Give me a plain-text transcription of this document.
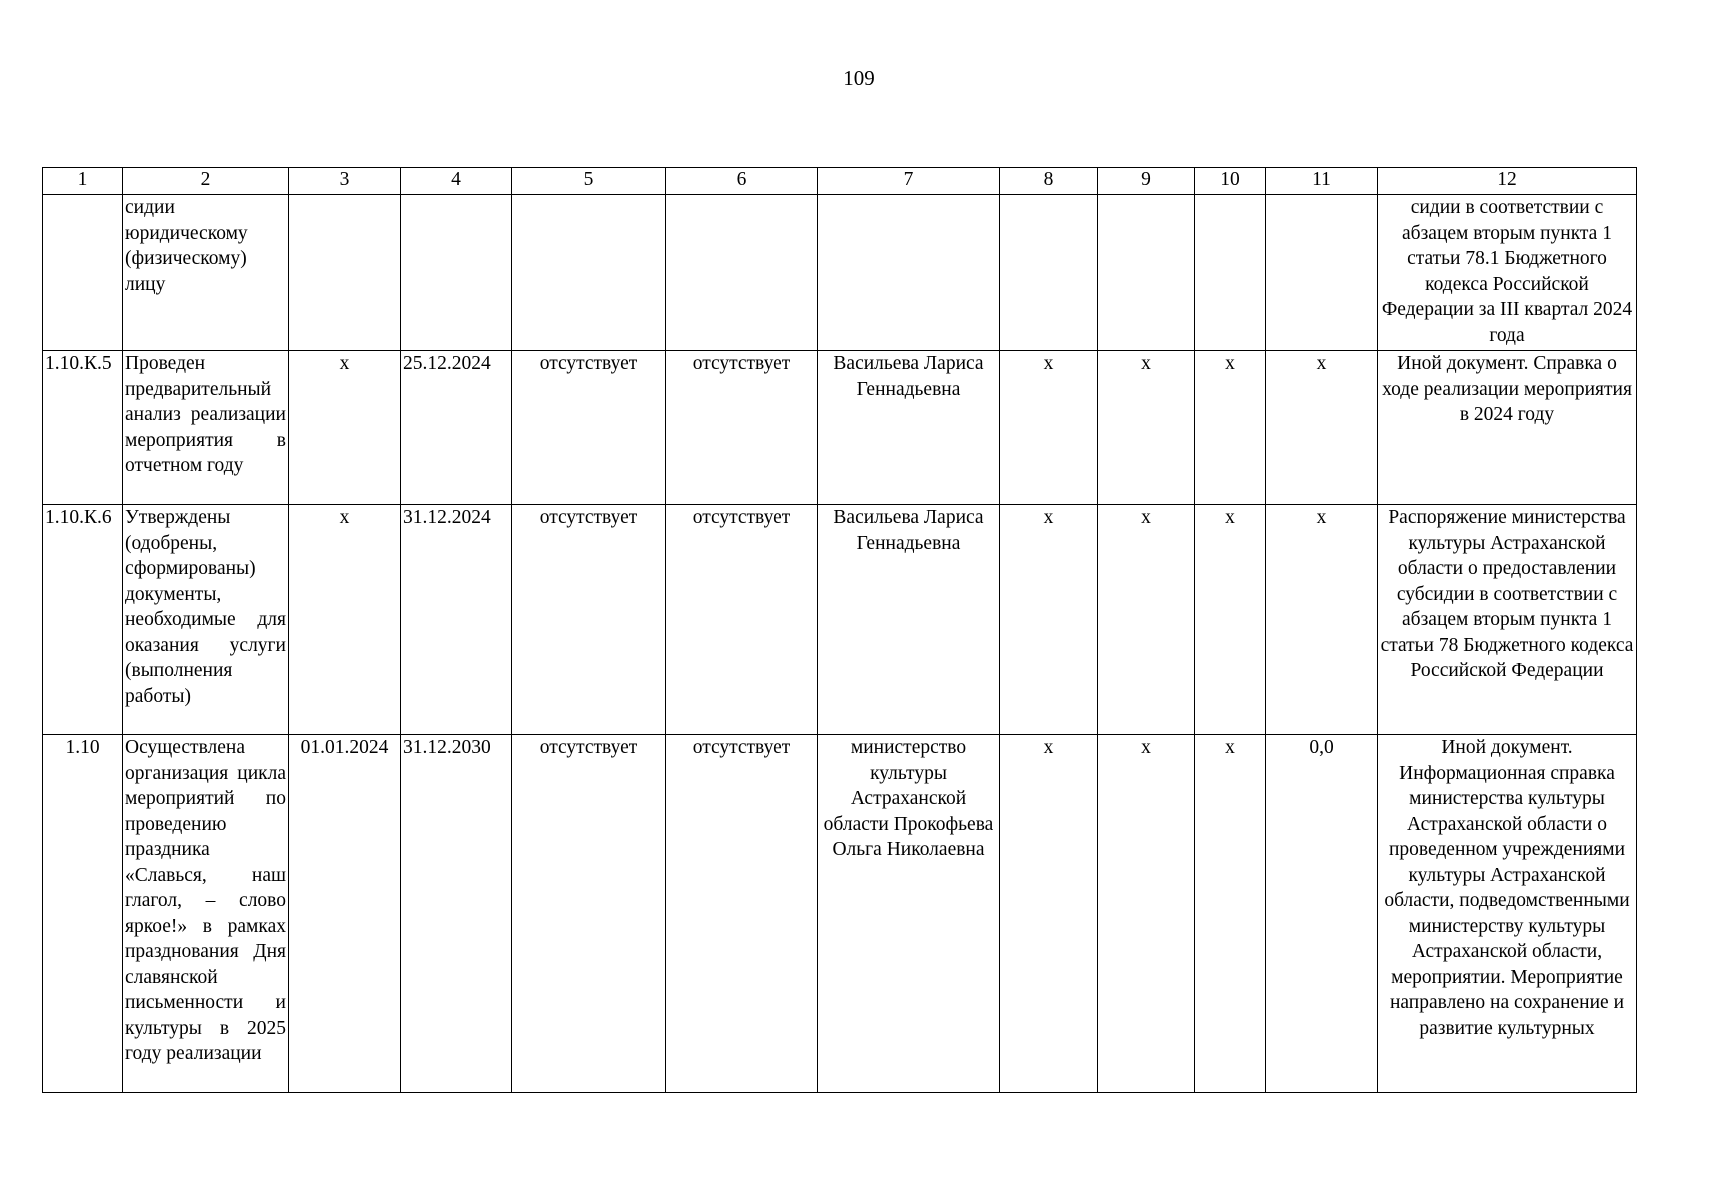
109
1	2	3	4	5	6	7	8	9	10	11	12
	сидии юридическому (физическому) лицу										сидии в соответствии с абзацем вторым пункта 1 статьи 78.1 Бюджетного кодекса Российской Федерации за III квартал 2024 года
1.10.К.5	Проведен предварительный анализ реализации мероприятия в отчетном году	х	25.12.2024	отсутствует	отсутствует	Васильева Лариса Геннадьевна	х	х	х	х	Иной документ. Справка о ходе реализации мероприятия в 2024 году
1.10.К.6	Утверждены (одобрены, сформированы) документы, необходимые для оказания услуги (выполнения работы)	х	31.12.2024	отсутствует	отсутствует	Васильева Лариса Геннадьевна	х	х	х	х	Распоряжение министерства культуры Астраханской области о предоставлении субсидии в соответствии с абзацем вторым пункта 1 статьи 78 Бюджетного кодекса Российской Федерации
1.10	Осуществлена организация цикла мероприятий по проведению праздника «Славься, наш глагол, – слово яркое!» в рамках празднования Дня славянской письменности и культуры в 2025 году реализации	01.01.2024	31.12.2030	отсутствует	отсутствует	министерство культуры Астраханской области Прокофьева Ольга Николаевна	х	х	х	0,0	Иной документ. Информационная справка министерства культуры Астраханской области о проведенном учреждениями культуры Астраханской области, подведомственными министерству культуры Астраханской области, мероприятии. Мероприятие направлено на сохранение и развитие культурных
